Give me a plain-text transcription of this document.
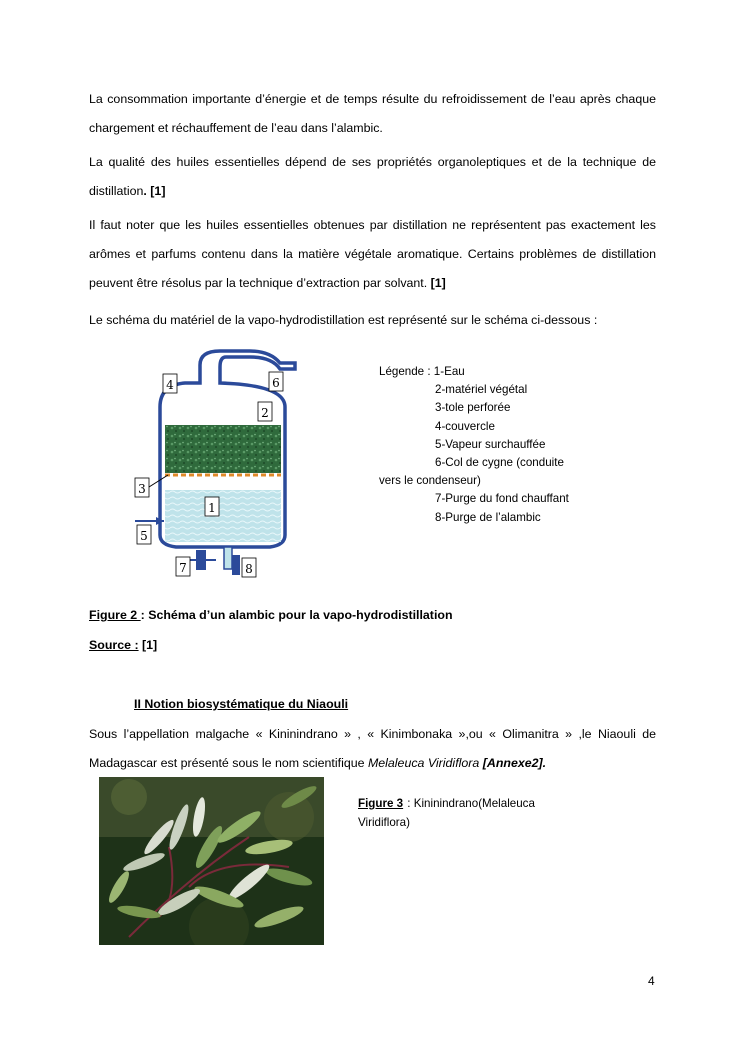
La consommation importante d’énergie et de temps résulte du refroidissement de l’eau après chaque chargement et réchauffement de l’eau dans l’alambic.

La qualité des huiles essentielles dépend de ses propriétés organoleptiques et de la technique de distillation. [1]

Il faut noter que les huiles essentielles obtenues par distillation ne représentent pas exactement les arômes et parfums contenu dans la matière végétale aromatique. Certains problèmes de distillation peuvent être résolus par la technique d’extraction par solvant. [1]

Le schéma du matériel de la vapo-hydrodistillation est représenté sur le schéma ci-dessous :

4	6
2
3
1
5
7	8
Légende : 1-Eau
2-matériel végétal
3-tole perforée
4-couvercle
5-Vapeur surchauffée
6-Col de cygne (conduite
vers le condenseur)
7-Purge du fond chauffant
8-Purge de l’alambic

Figure 2 : Schéma d’un alambic pour la vapo-hydrodistillation

Source : [1]

II Notion biosystématique du Niaouli

Sous l’appellation malgache « Kininindrano » , « Kinimbonaka »,ou « Olimanitra » ,le Niaouli de Madagascar est présenté sous le nom scientifique Melaleuca Viridiflora [Annexe2].

Figure 3  : Kininindrano(Melaleuca Viridiflora)
4
